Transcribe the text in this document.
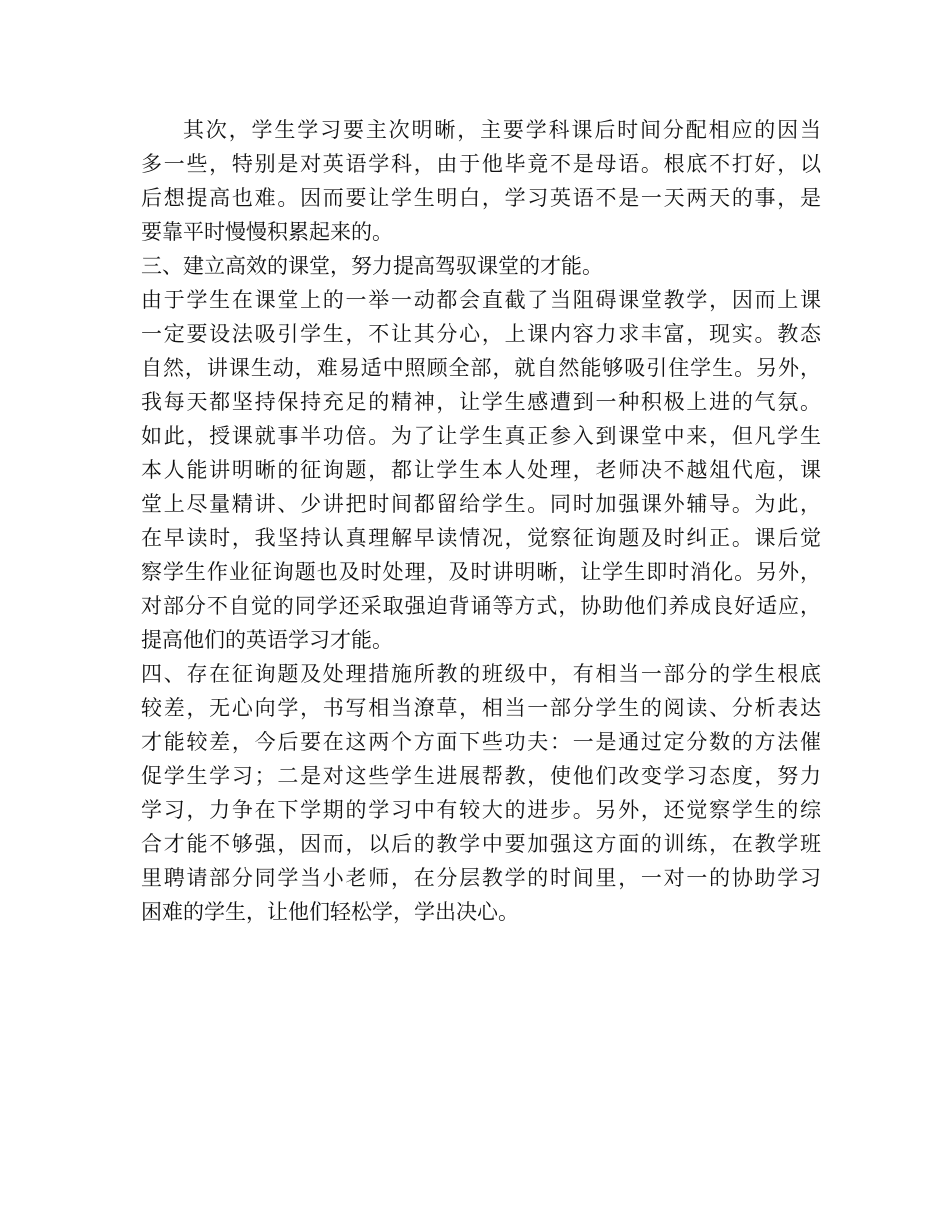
其次，学生学习要主次明晰，主要学科课后时间分配相应的因当
多一些，特别是对英语学科，由于他毕竟不是母语。根底不打好，以
后想提高也难。因而要让学生明白，学习英语不是一天两天的事，是
要靠平时慢慢积累起来的。
三、建立高效的课堂，努力提高驾驭课堂的才能。
由于学生在课堂上的一举一动都会直截了当阻碍课堂教学，因而上课
一定要设法吸引学生，不让其分心，上课内容力求丰富，现实。教态
自然，讲课生动，难易适中照顾全部，就自然能够吸引住学生。另外，
我每天都坚持保持充足的精神，让学生感遭到一种积极上进的气氛。
如此，授课就事半功倍。为了让学生真正参入到课堂中来，但凡学生
本人能讲明晰的征询题，都让学生本人处理，老师决不越俎代庖，课
堂上尽量精讲、少讲把时间都留给学生。同时加强课外辅导。为此，
在早读时，我坚持认真理解早读情况，觉察征询题及时纠正。课后觉
察学生作业征询题也及时处理，及时讲明晰，让学生即时消化。另外，
对部分不自觉的同学还采取强迫背诵等方式，协助他们养成良好适应，
提高他们的英语学习才能。
四、存在征询题及处理措施所教的班级中，有相当一部分的学生根底
较差，无心向学，书写相当潦草，相当一部分学生的阅读、分析表达
才能较差，今后要在这两个方面下些功夫：一是通过定分数的方法催
促学生学习；二是对这些学生进展帮教，使他们改变学习态度，努力
学习，力争在下学期的学习中有较大的进步。另外，还觉察学生的综
合才能不够强，因而，以后的教学中要加强这方面的训练，在教学班
里聘请部分同学当小老师，在分层教学的时间里，一对一的协助学习
困难的学生，让他们轻松学，学出决心。
